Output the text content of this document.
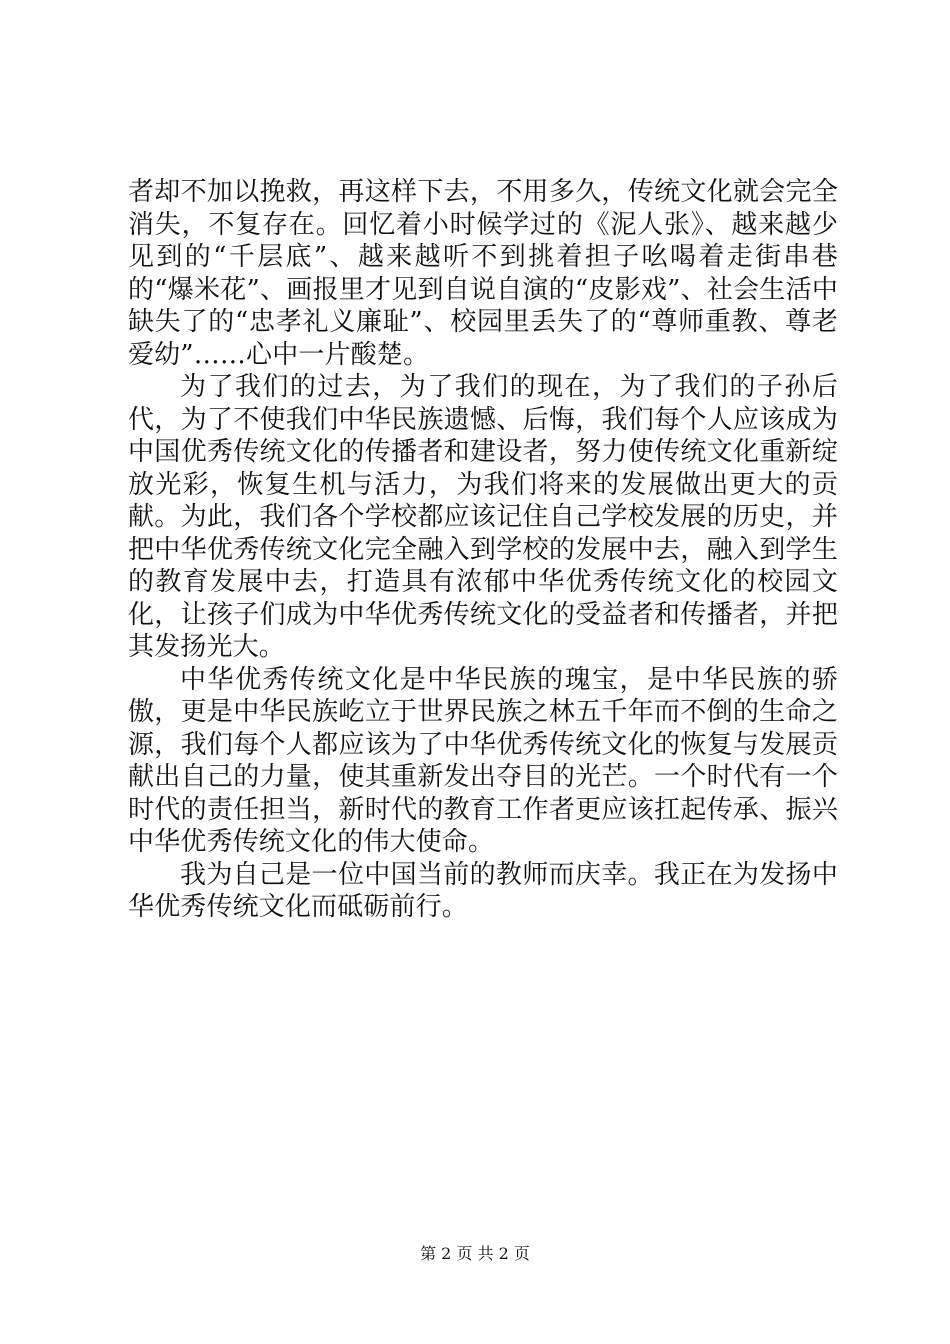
者却不加以挽救，再这样下去，不用多久，传统文化就会完全消失，不复存在。回忆着小时候学过的《泥人张》、越来越少见到的“千层底”、越来越听不到挑着担子吆喝着走街串巷的“爆米花”、画报里才见到自说自演的“皮影戏”、社会生活中缺失了的“忠孝礼义廉耻”、校园里丢失了的“尊师重教、尊老爱幼”……心中一片酸楚。

为了我们的过去，为了我们的现在，为了我们的子孙后代，为了不使我们中华民族遗憾、后悔，我们每个人应该成为中国优秀传统文化的传播者和建设者，努力使传统文化重新绽放光彩，恢复生机与活力，为我们将来的发展做出更大的贡献。为此，我们各个学校都应该记住自己学校发展的历史，并把中华优秀传统文化完全融入到学校的发展中去，融入到学生的教育发展中去，打造具有浓郁中华优秀传统文化的校园文化，让孩子们成为中华优秀传统文化的受益者和传播者，并把其发扬光大。

中华优秀传统文化是中华民族的瑰宝，是中华民族的骄傲，更是中华民族屹立于世界民族之林五千年而不倒的生命之源，我们每个人都应该为了中华优秀传统文化的恢复与发展贡献出自己的力量，使其重新发出夺目的光芒。一个时代有一个时代的责任担当，新时代的教育工作者更应该扛起传承、振兴中华优秀传统文化的伟大使命。

我为自己是一位中国当前的教师而庆幸。我正在为发扬中华优秀传统文化而砥砺前行。

第 2 页 共 2 页
